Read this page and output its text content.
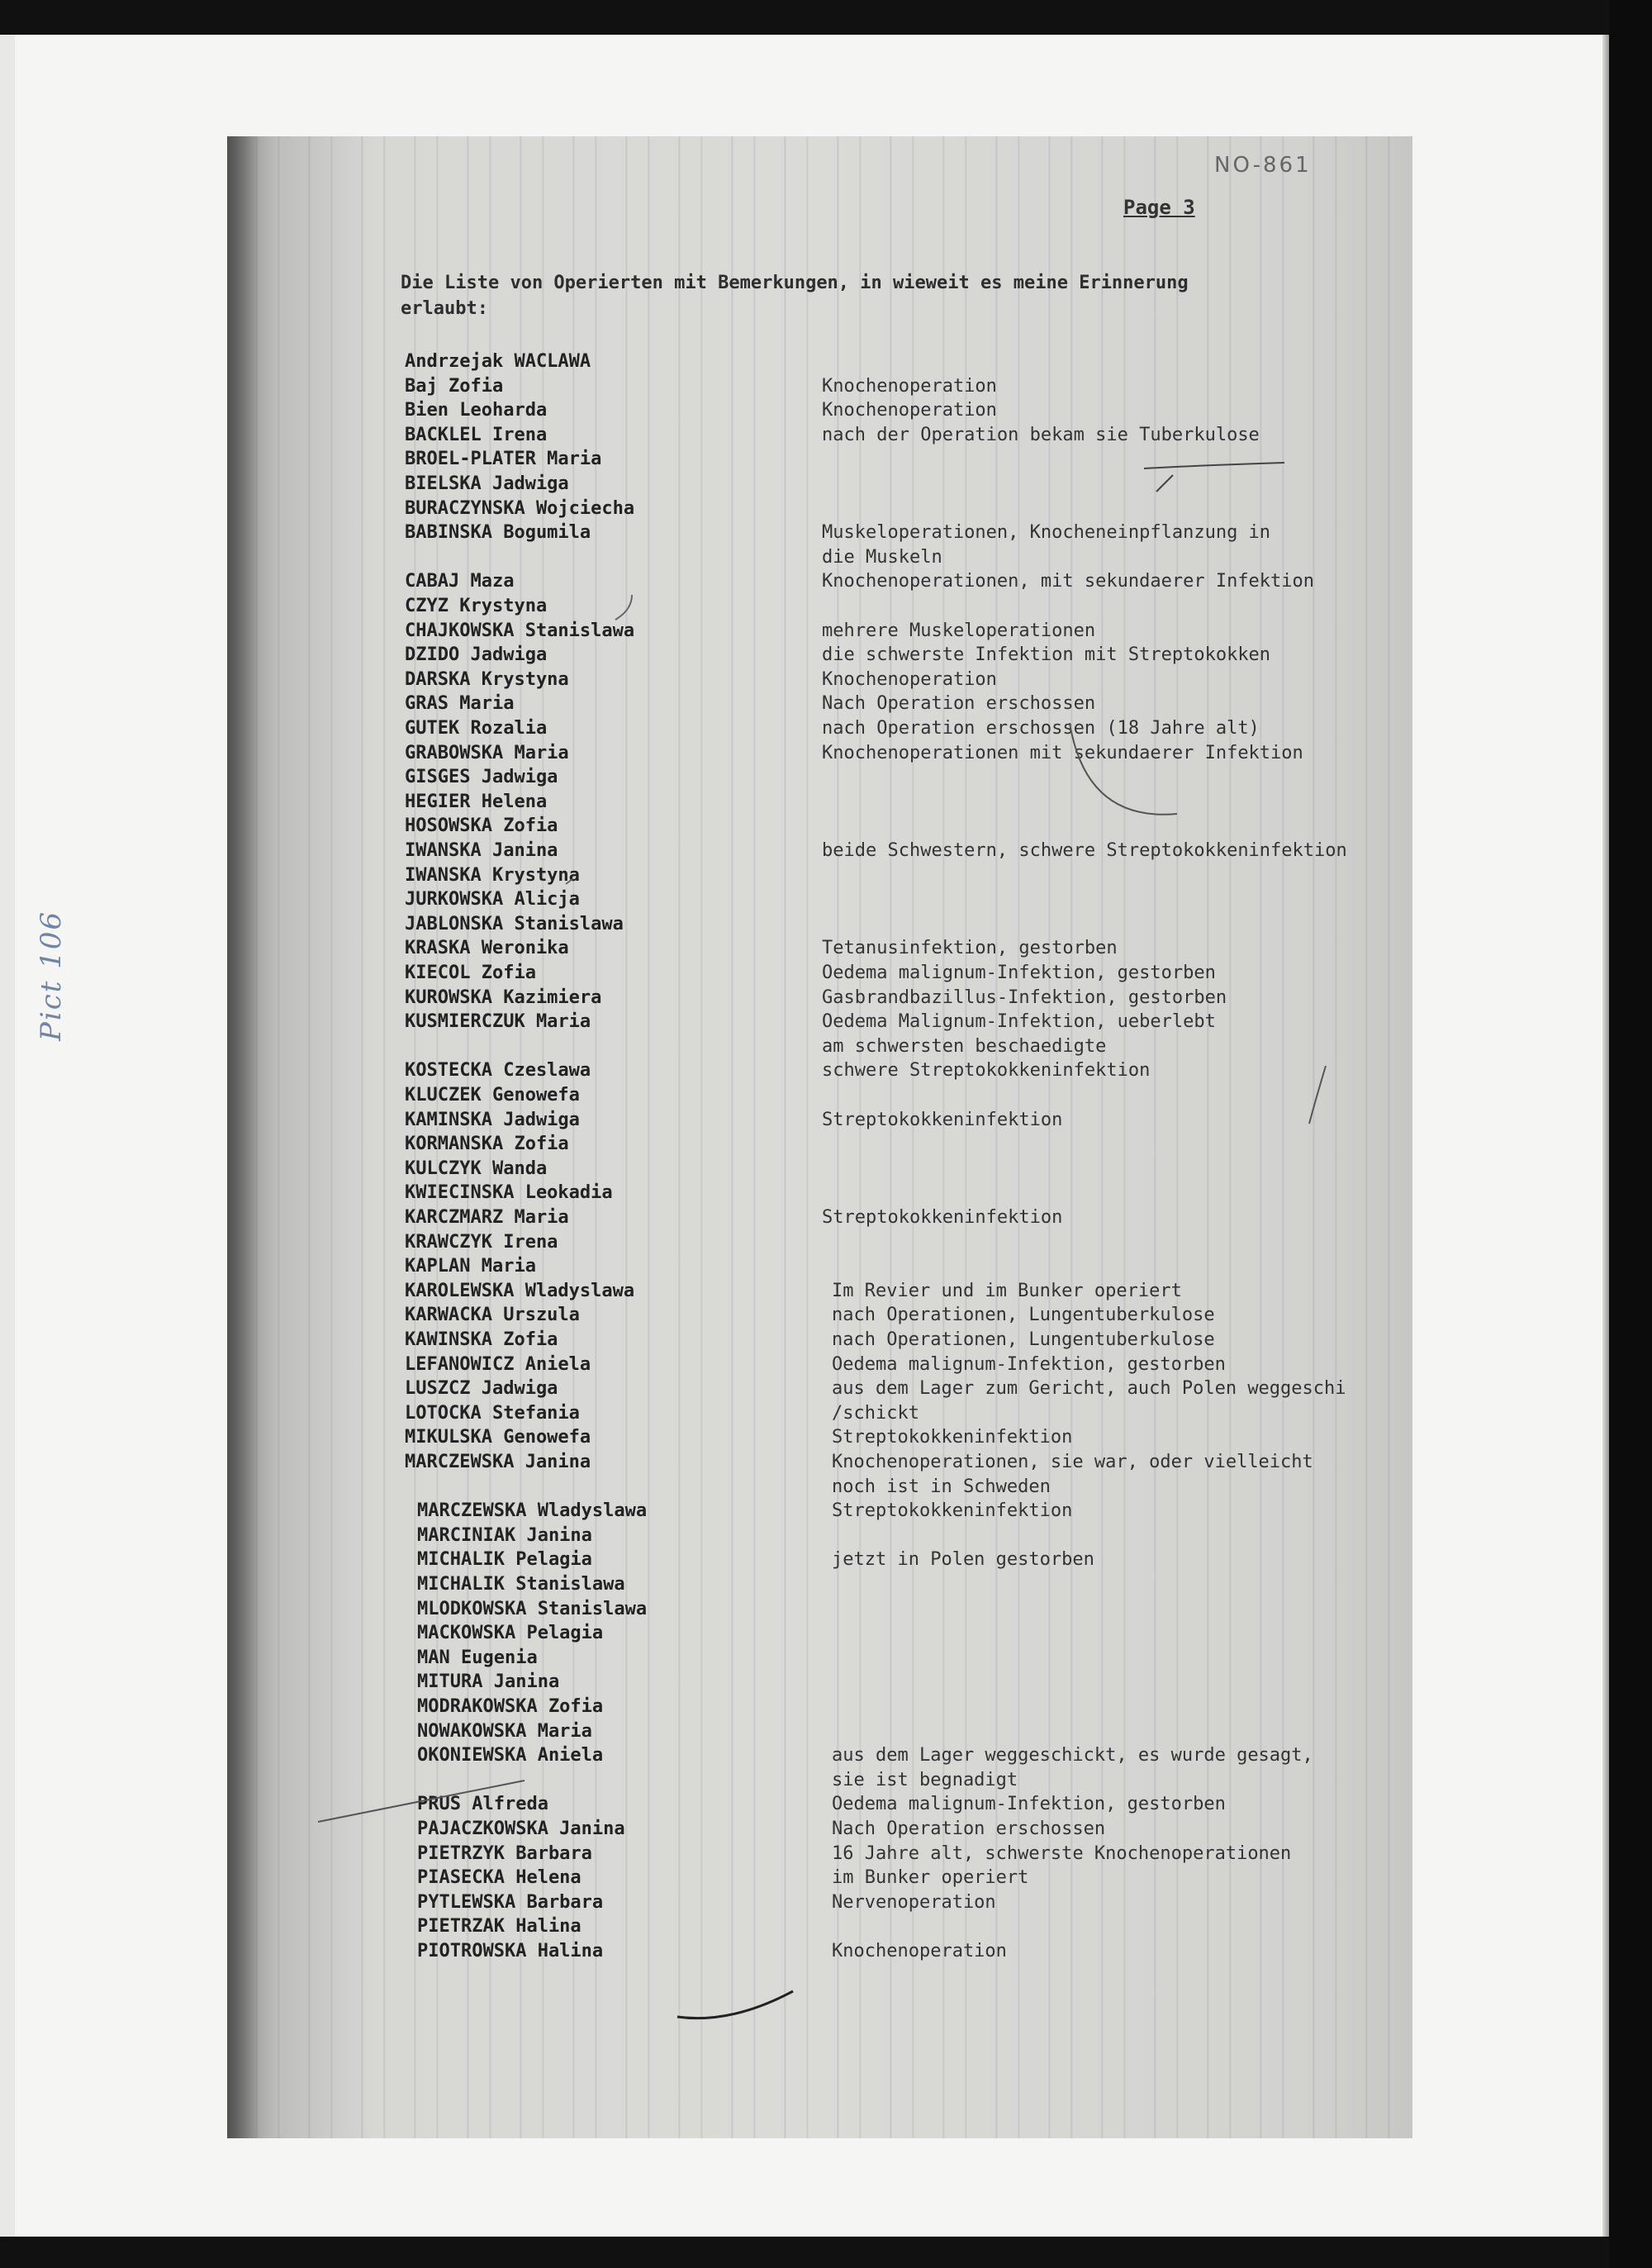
Pict 106
NO-861
Page 3
Die Liste von Operierten mit Bemerkungen, in wieweit es meine Erinnerung
erlaubt:
Andrzejak WACLAWA
Baj Zofia	Knochenoperation
Bien Leoharda	Knochenoperation
BACKLEL Irena	nach der Operation bekam sie Tuberkulose
BROEL-PLATER Maria
BIELSKA Jadwiga
BURACZYNSKA Wojciecha
BABINSKA Bogumila	Muskeloperationen, Knocheneinpflanzung in
die Muskeln
CABAJ Maza	Knochenoperationen, mit sekundaerer Infektion
CZYZ Krystyna
CHAJKOWSKA Stanislawa	mehrere Muskeloperationen
DZIDO Jadwiga	die schwerste Infektion mit Streptokokken
DARSKA Krystyna	Knochenoperation
GRAS Maria	Nach Operation erschossen
GUTEK Rozalia	nach Operation erschossen (18 Jahre alt)
GRABOWSKA Maria	Knochenoperationen mit sekundaerer Infektion
GISGES Jadwiga
HEGIER Helena
HOSOWSKA Zofia
IWANSKA Janina	beide Schwestern, schwere Streptokokkeninfektion
IWANSKA Krystyna
JURKOWSKA Alicja
JABLONSKA Stanislawa
KRASKA Weronika	Tetanusinfektion, gestorben
KIECOL Zofia	Oedema malignum-Infektion, gestorben
KUROWSKA Kazimiera	Gasbrandbazillus-Infektion, gestorben
KUSMIERCZUK Maria	Oedema Malignum-Infektion, ueberlebt
am schwersten beschaedigte
KOSTECKA Czeslawa	schwere Streptokokkeninfektion
KLUCZEK Genowefa
KAMINSKA Jadwiga	Streptokokkeninfektion
KORMANSKA Zofia
KULCZYK Wanda
KWIECINSKA Leokadia
KARCZMARZ Maria	Streptokokkeninfektion
KRAWCZYK Irena
KAPLAN Maria
KAROLEWSKA Wladyslawa	Im Revier und im Bunker operiert
KARWACKA Urszula	nach Operationen, Lungentuberkulose
KAWINSKA Zofia	nach Operationen, Lungentuberkulose
LEFANOWICZ Aniela	Oedema malignum-Infektion, gestorben
LUSZCZ Jadwiga	aus dem Lager zum Gericht, auch Polen weggeschi
LOTOCKA Stefania	/schickt
MIKULSKA Genowefa	Streptokokkeninfektion
MARCZEWSKA Janina	Knochenoperationen, sie war, oder vielleicht
noch ist in Schweden
MARCZEWSKA Wladyslawa	Streptokokkeninfektion
MARCINIAK Janina
MICHALIK Pelagia	jetzt in Polen gestorben
MICHALIK Stanislawa
MLODKOWSKA Stanislawa
MACKOWSKA Pelagia
MAN Eugenia
MITURA Janina
MODRAKOWSKA Zofia
NOWAKOWSKA Maria
OKONIEWSKA Aniela	aus dem Lager weggeschickt, es wurde gesagt,
sie ist begnadigt
PRUS Alfreda	Oedema malignum-Infektion, gestorben
PAJACZKOWSKA Janina	Nach Operation erschossen
PIETRZYK Barbara	16 Jahre alt, schwerste Knochenoperationen
PIASECKA Helena	im Bunker operiert
PYTLEWSKA Barbara	Nervenoperation
PIETRZAK Halina
PIOTROWSKA Halina	Knochenoperation
